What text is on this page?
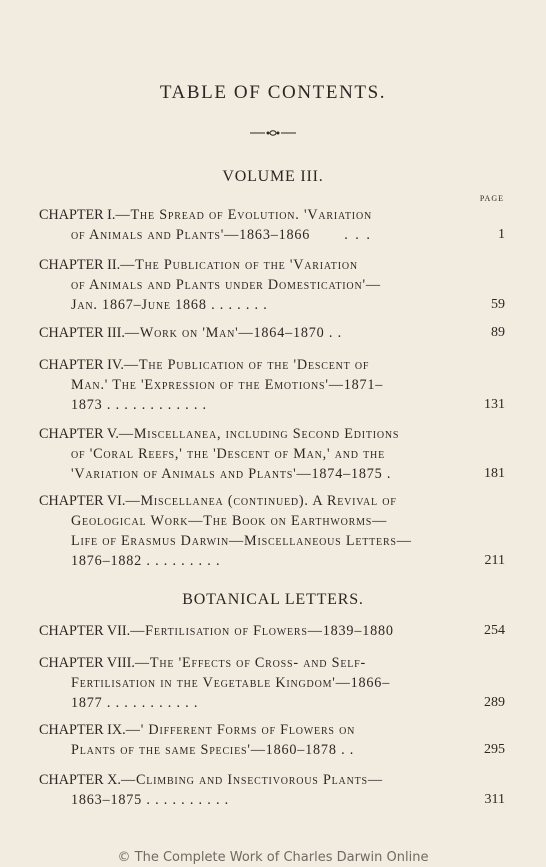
TABLE OF CONTENTS.
VOLUME III.
PAGE
CHAPTER I.—The Spread of Evolution. 'Variation
of Animals and Plants'—1863–1866 . . .	1
CHAPTER II.—The Publication of the 'Variation
of Animals and Plants under Domestication'—
Jan. 1867–June 1868 . . . . . . .	59
CHAPTER III.—Work on 'Man'—1864–1870 . .	89
CHAPTER IV.—The Publication of the 'Descent of
Man.' The 'Expression of the Emotions'—1871–
1873 . . . . . . . . . . . .	131
CHAPTER V.—Miscellanea, including Second Editions
of 'Coral Reefs,' the 'Descent of Man,' and the
'Variation of Animals and Plants'—1874–1875 .	181
CHAPTER VI.—Miscellanea (continued). A Revival of
Geological Work—The Book on Earthworms—
Life of Erasmus Darwin—Miscellaneous Letters—
1876–1882 . . . . . . . . .	211
BOTANICAL LETTERS.
CHAPTER VII.—Fertilisation of Flowers—1839–1880	254
CHAPTER VIII.—The 'Effects of Cross- and Self-
Fertilisation in the Vegetable Kingdom'—1866–
1877 . . . . . . . . . . .	289
CHAPTER IX.—' Different Forms of Flowers on
Plants of the same Species'—1860–1878 . .	295
CHAPTER X.—Climbing and Insectivorous Plants—
1863–1875 . . . . . . . . . .	311
© The Complete Work of Charles Darwin Online
